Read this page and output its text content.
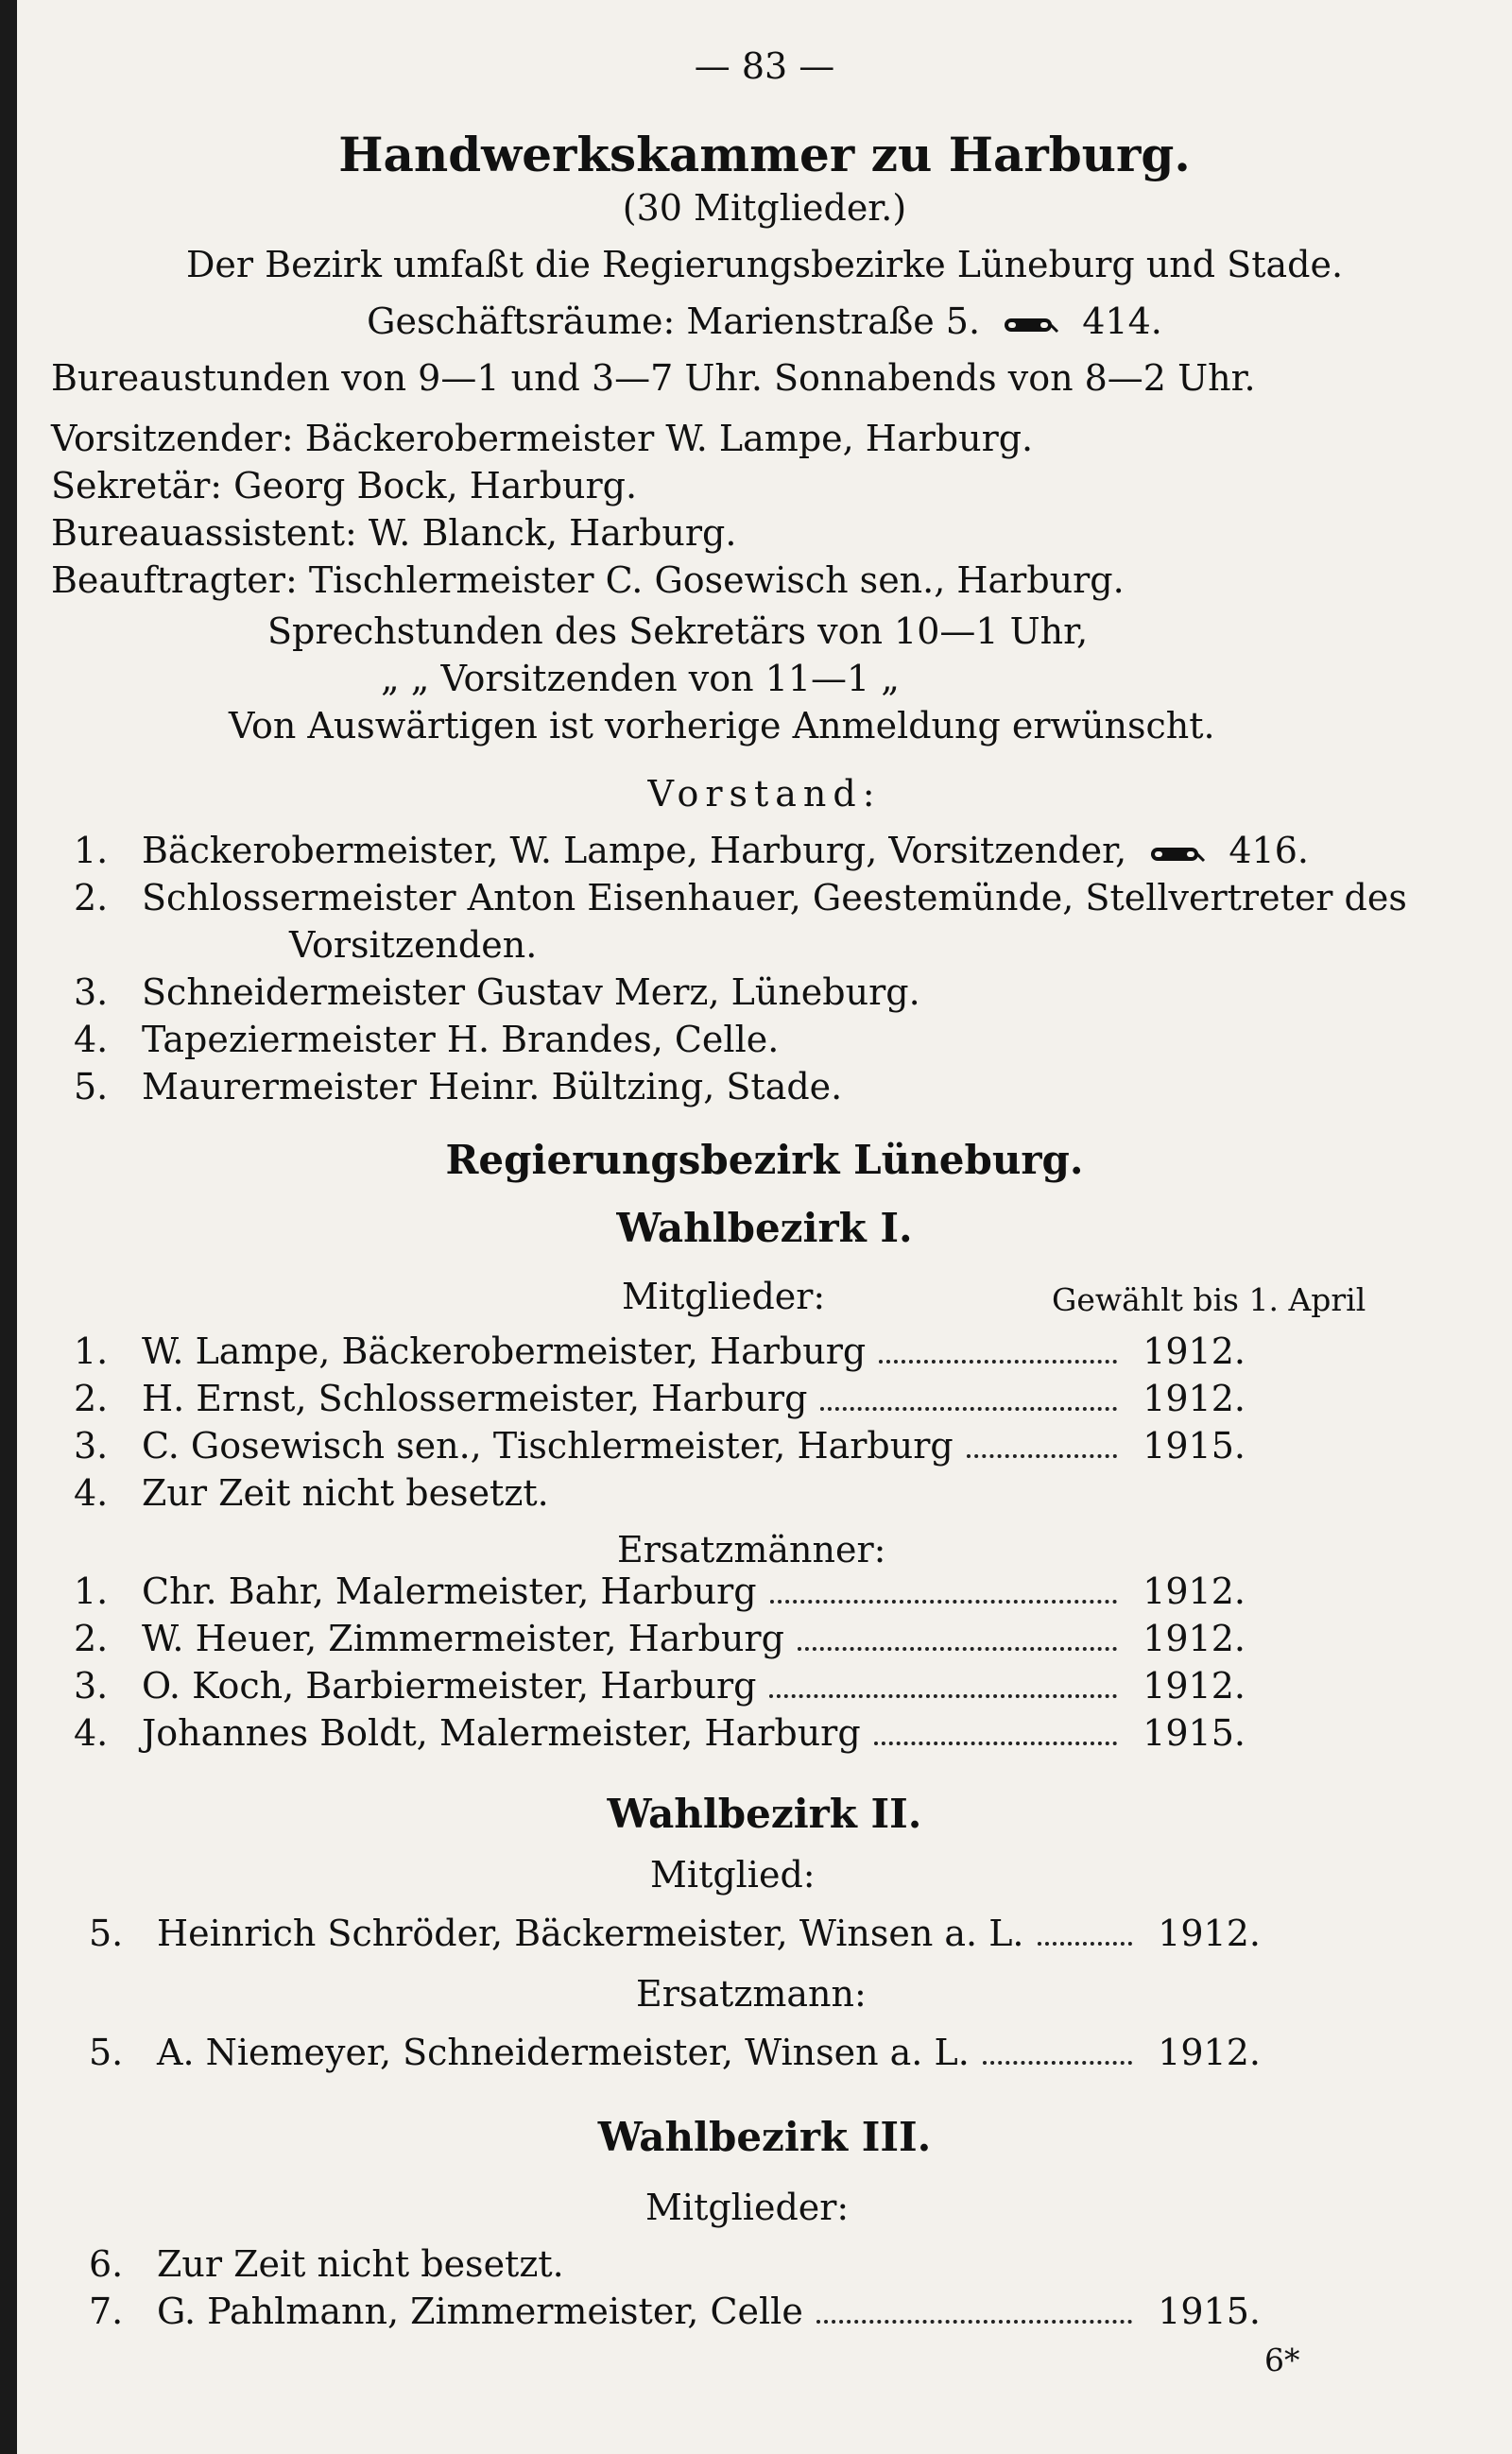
— 83 —
Handwerkskammer zu Harburg.
(30 Mitglieder.)
Der Bezirk umfaßt die Regierungsbezirke Lüneburg und Stade.
Geschäftsräume: Marienstraße 5.	414.
Bureaustunden von 9—1 und 3—7 Uhr. Sonnabends von 8—2 Uhr.
Vorsitzender: Bäckerobermeister W. Lampe, Harburg.
Sekretär: Georg Bock, Harburg.
Bureauassistent: W. Blanck, Harburg.
Beauftragter: Tischlermeister C. Gosewisch sen., Harburg.
Sprechstunden des Sekretärs von 10—1 Uhr,
„ „ Vorsitzenden von 11—1 „
Von Auswärtigen ist vorherige Anmeldung erwünscht.
Vorstand:
1. Bäckerobermeister, W. Lampe, Harburg, Vorsitzender,	416.
2. Schlossermeister Anton Eisenhauer, Geestemünde, Stellvertreter des
Vorsitzenden.
3. Schneidermeister Gustav Merz, Lüneburg.
4. Tapeziermeister H. Brandes, Celle.
5. Maurermeister Heinr. Bültzing, Stade.
Regierungsbezirk Lüneburg.
Wahlbezirk I.
Mitglieder:	Gewählt bis 1. April
1. W. Lampe, Bäckerobermeister, Harburg	1912.
2. H. Ernst, Schlossermeister, Harburg	1912.
3. C. Gosewisch sen., Tischlermeister, Harburg	1915.
4. Zur Zeit nicht besetzt.
Ersatzmänner:
1. Chr. Bahr, Malermeister, Harburg	1912.
2. W. Heuer, Zimmermeister, Harburg	1912.
3. O. Koch, Barbiermeister, Harburg	1912.
4. Johannes Boldt, Malermeister, Harburg	1915.
Wahlbezirk II.
Mitglied:
5. Heinrich Schröder, Bäckermeister, Winsen a. L.	1912.
Ersatzmann:
5. A. Niemeyer, Schneidermeister, Winsen a. L.	1912.
Wahlbezirk III.
Mitglieder:
6. Zur Zeit nicht besetzt.
7. G. Pahlmann, Zimmermeister, Celle	1915.
6*
